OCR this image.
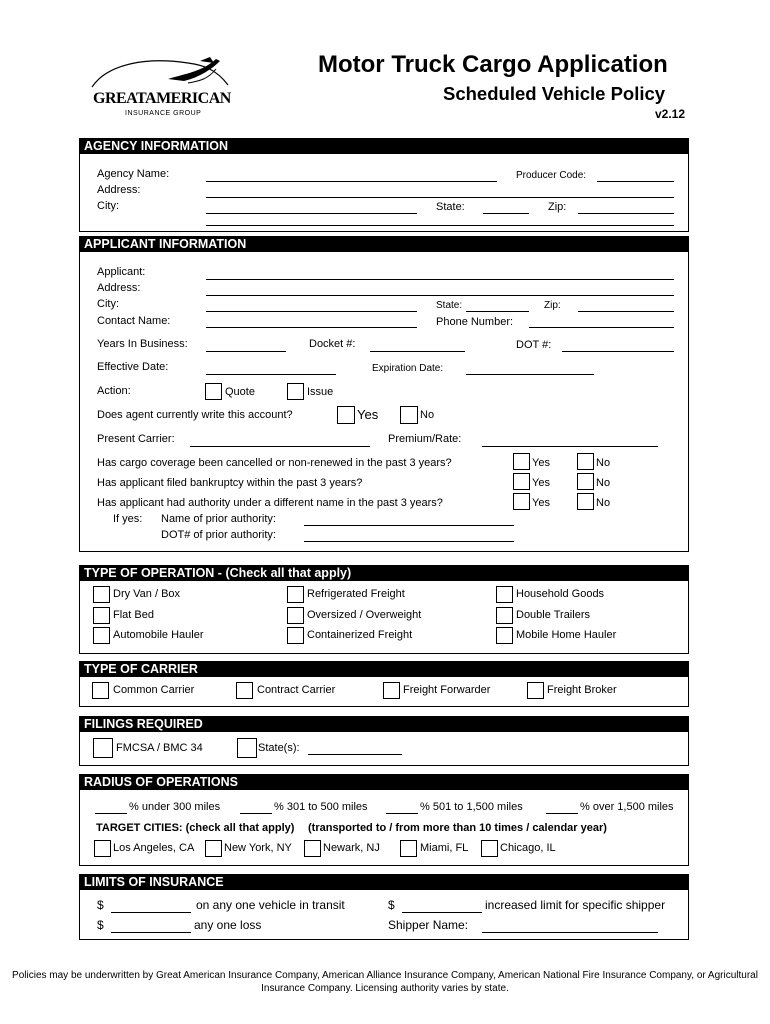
GREATAMERICAN
INSURANCE GROUP
Motor Truck Cargo Application
Scheduled Vehicle Policy
v2.12
AGENCY INFORMATION
Agency Name:	Producer Code:
Address:
City:	State:	Zip:
APPLICANT INFORMATION
Applicant:
Address:
City:	State:	Zip:
Contact Name:	Phone Number:
Years In Business:	Docket #:	DOT #:
Effective Date:	Expiration Date:
Action:	Quote	Issue
Does agent currently write this account?	Yes	No
Present Carrier:	Premium/Rate:
Has cargo coverage been cancelled or non-renewed in the past 3 years?	Yes	No
Has applicant filed bankruptcy within the past 3 years?	Yes	No
Has applicant had authority under a different name in the past 3 years?	Yes	No
If yes: Name of prior authority:
DOT# of prior authority:
TYPE OF OPERATION - (Check all that apply)
Dry Van / Box	Refrigerated Freight	Household Goods
Flat Bed	Oversized / Overweight	Double Trailers
Automobile Hauler	Containerized Freight	Mobile Home Hauler
TYPE OF CARRIER
Common Carrier	Contract Carrier	Freight Forwarder	Freight Broker
FILINGS REQUIRED
FMCSA / BMC 34	State(s):
RADIUS OF OPERATIONS
% under 300 miles	% 301 to 500 miles	% 501 to 1,500 miles	% over 1,500 miles
TARGET CITIES: (check all that apply) (transported to / from more than 10 times / calendar year)
Los Angeles, CA	New York, NY	Newark, NJ	Miami, FL	Chicago, IL
LIMITS OF INSURANCE
$	on any one vehicle in transit	$	increased limit for specific shipper
$	any one loss	Shipper Name:
Policies may be underwritten by Great American Insurance Company, American Alliance Insurance Company, American National Fire Insurance Company, or Agricultural Insurance Company. Licensing authority varies by state.
